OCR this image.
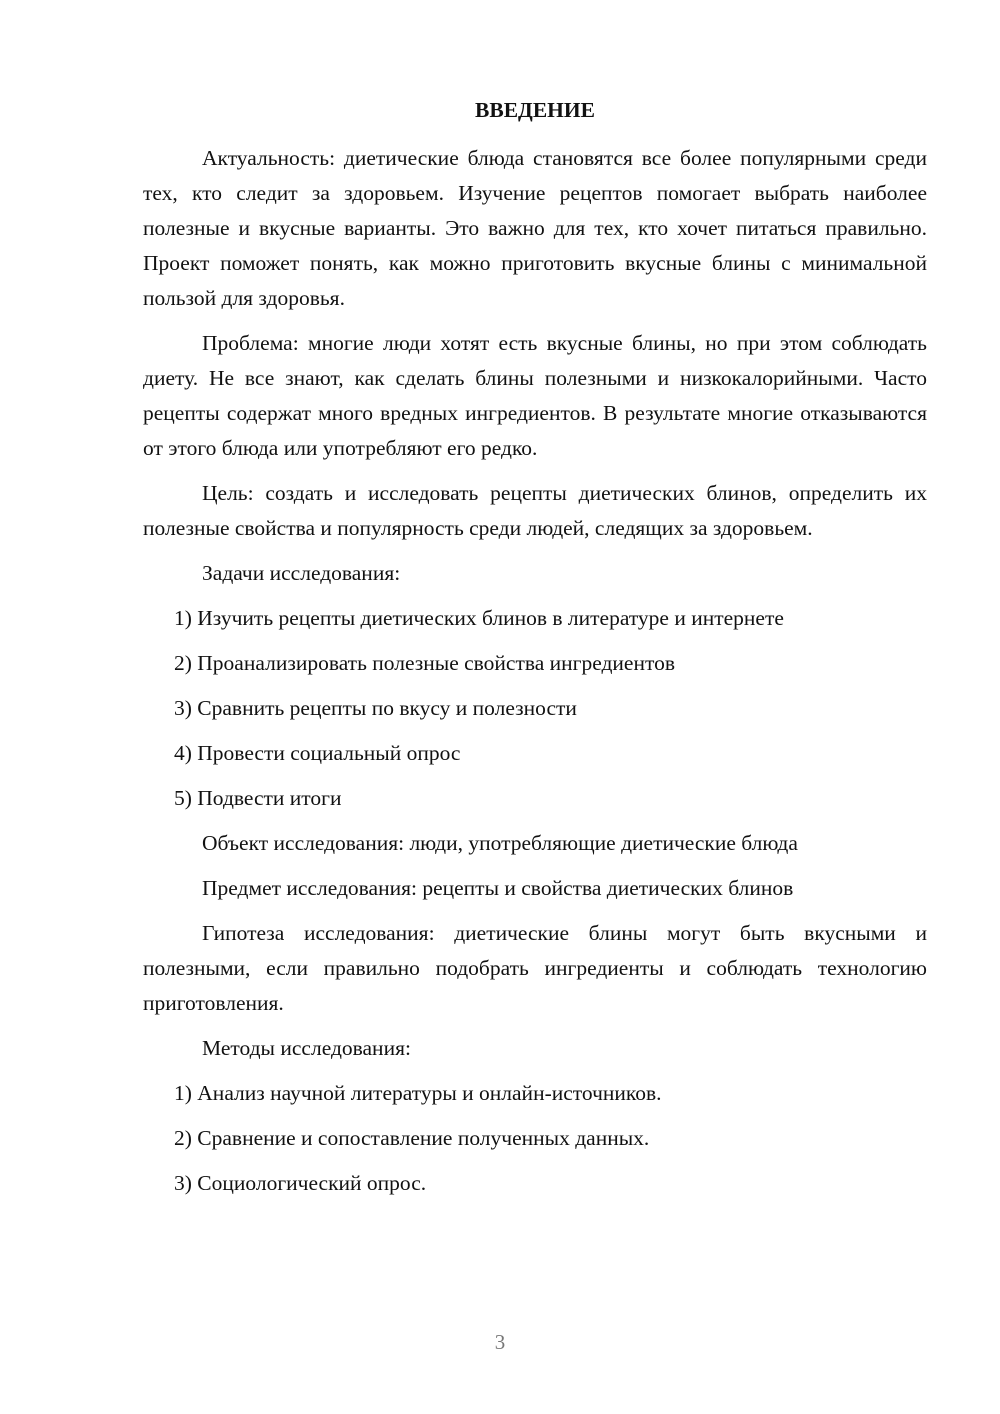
ВВЕДЕНИЕ

Актуальность: диетические блюда становятся все более популярными среди тех, кто следит за здоровьем. Изучение рецептов помогает выбрать наиболее полезные и вкусные варианты. Это важно для тех, кто хочет питаться правильно. Проект поможет понять, как можно приготовить вкусные блины с минимальной пользой для здоровья.

Проблема: многие люди хотят есть вкусные блины, но при этом соблюдать диету. Не все знают, как сделать блины полезными и низкокалорийными. Часто рецепты содержат много вредных ингредиентов. В результате многие отказываются от этого блюда или употребляют его редко.

Цель: создать и исследовать рецепты диетических блинов, определить их полезные свойства и популярность среди людей, следящих за здоровьем.

Задачи исследования:
1) Изучить рецепты диетических блинов в литературе и интернете
2) Проанализировать полезные свойства ингредиентов
3) Сравнить рецепты по вкусу и полезности
4) Провести социальный опрос
5) Подвести итоги
Объект исследования: люди, употребляющие диетические блюда
Предмет исследования: рецепты и свойства диетических блинов

Гипотеза исследования: диетические блины могут быть вкусными и полезными, если правильно подобрать ингредиенты и соблюдать технологию приготовления.

Методы исследования:
1) Анализ научной литературы и онлайн-источников.
2) Сравнение и сопоставление полученных данных.
3) Социологический опрос.
3
